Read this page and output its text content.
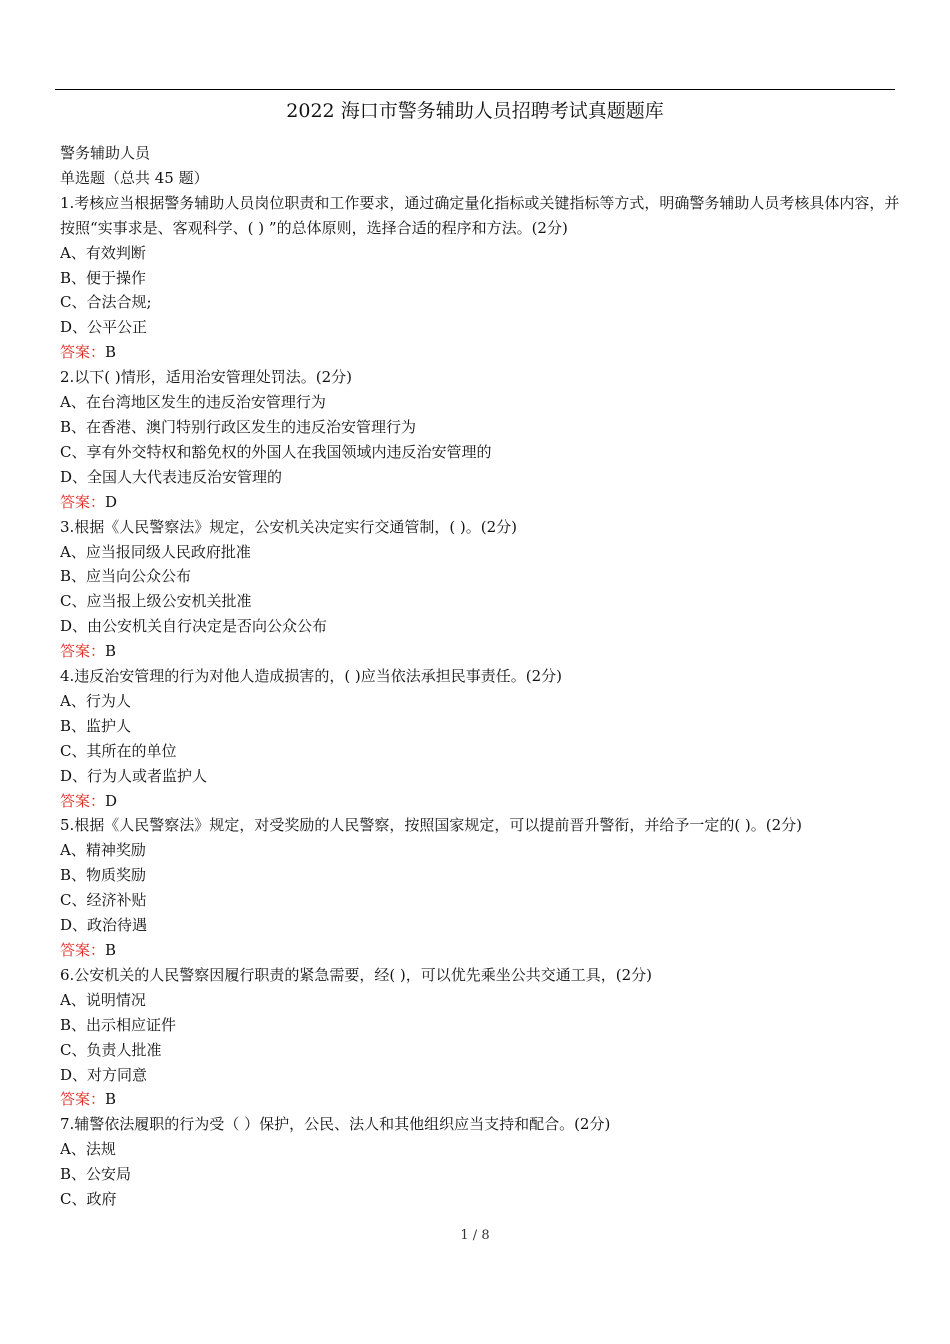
2022 海口市警务辅助人员招聘考试真题题库
警务辅助人员
单选题（总共 45 题）
1.考核应当根据警务辅助人员岗位职责和工作要求，通过确定量化指标或关键指标等方式，明确警务辅助人员考核具体内容，并按照“实事求是、客观科学、( ) ”的总体原则，选择合适的程序和方法。(2分)
A、有效判断
B、便于操作
C、合法合规;
D、公平公正
答案：B
2.以下( )情形，适用治安管理处罚法。(2分)
A、在台湾地区发生的违反治安管理行为
B、在香港、澳门特别行政区发生的违反治安管理行为
C、享有外交特权和豁免权的外国人在我国领域内违反治安管理的
D、全国人大代表违反治安管理的
答案：D
3.根据《人民警察法》规定，公安机关决定实行交通管制，( )。(2分)
A、应当报同级人民政府批准
B、应当向公众公布
C、应当报上级公安机关批准
D、由公安机关自行决定是否向公众公布
答案：B
4.违反治安管理的行为对他人造成损害的，( )应当依法承担民事责任。(2分)
A、行为人
B、监护人
C、其所在的单位
D、行为人或者监护人
答案：D
5.根据《人民警察法》规定，对受奖励的人民警察，按照国家规定，可以提前晋升警衔，并给予一定的( )。(2分)
A、精神奖励
B、物质奖励
C、经济补贴
D、政治待遇
答案：B
6.公安机关的人民警察因履行职责的紧急需要，经( )，可以优先乘坐公共交通工具，(2分)
A、说明情况
B、出示相应证件
C、负责人批准
D、对方同意
答案：B
7.辅警依法履职的行为受（ ）保护，公民、法人和其他组织应当支持和配合。(2分)
A、法规
B、公安局
C、政府
1 / 8
